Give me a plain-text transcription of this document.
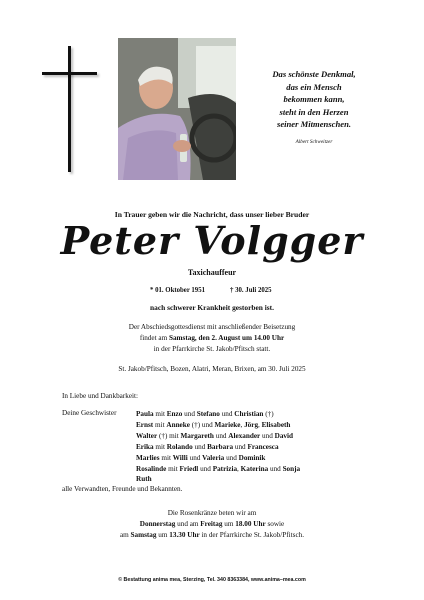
Das schönste Denkmal,
das ein Mensch
bekommen kann,
steht in den Herzen
seiner Mitmenschen.
Albert Schweitzer
In Trauer geben wir die Nachricht, dass unser lieber Bruder
Peter Volgger
Taxichauffeur
* 01. Oktober 1951	† 30. Juli 2025
nach schwerer Krankheit gestorben ist.
Der Abschiedsgottesdienst mit anschließender Beisetzung
findet am Samstag, den 2. August um 14.00 Uhr
in der Pfarrkirche St. Jakob/Pfitsch statt.
St. Jakob/Pfitsch, Bozen, Alatri, Meran, Brixen, am 30. Juli 2025
In Liebe und Dankbarkeit:
Deine Geschwister	Paula mit Enzo und Stefano und Christian (†)
Ernst mit Anneke (†) und Marieke, Jörg, Elisabeth
Walter (†) mit Margareth und Alexander und David
Erika mit Rolando und Barbara und Francesca
Marlies mit Willi und Valeria und Dominik
Rosalinde mit Friedl und Patrizia, Katerina und Sonja
Ruth
alle Verwandten, Freunde und Bekannten.
Die Rosenkränze beten wir am
Donnerstag und am Freitag um 18.00 Uhr sowie
am Samstag um 13.30 Uhr in der Pfarrkirche St. Jakob/Pfitsch.
© Bestattung anima mea, Sterzing, Tel. 340 8363384, www.anima–mea.com
